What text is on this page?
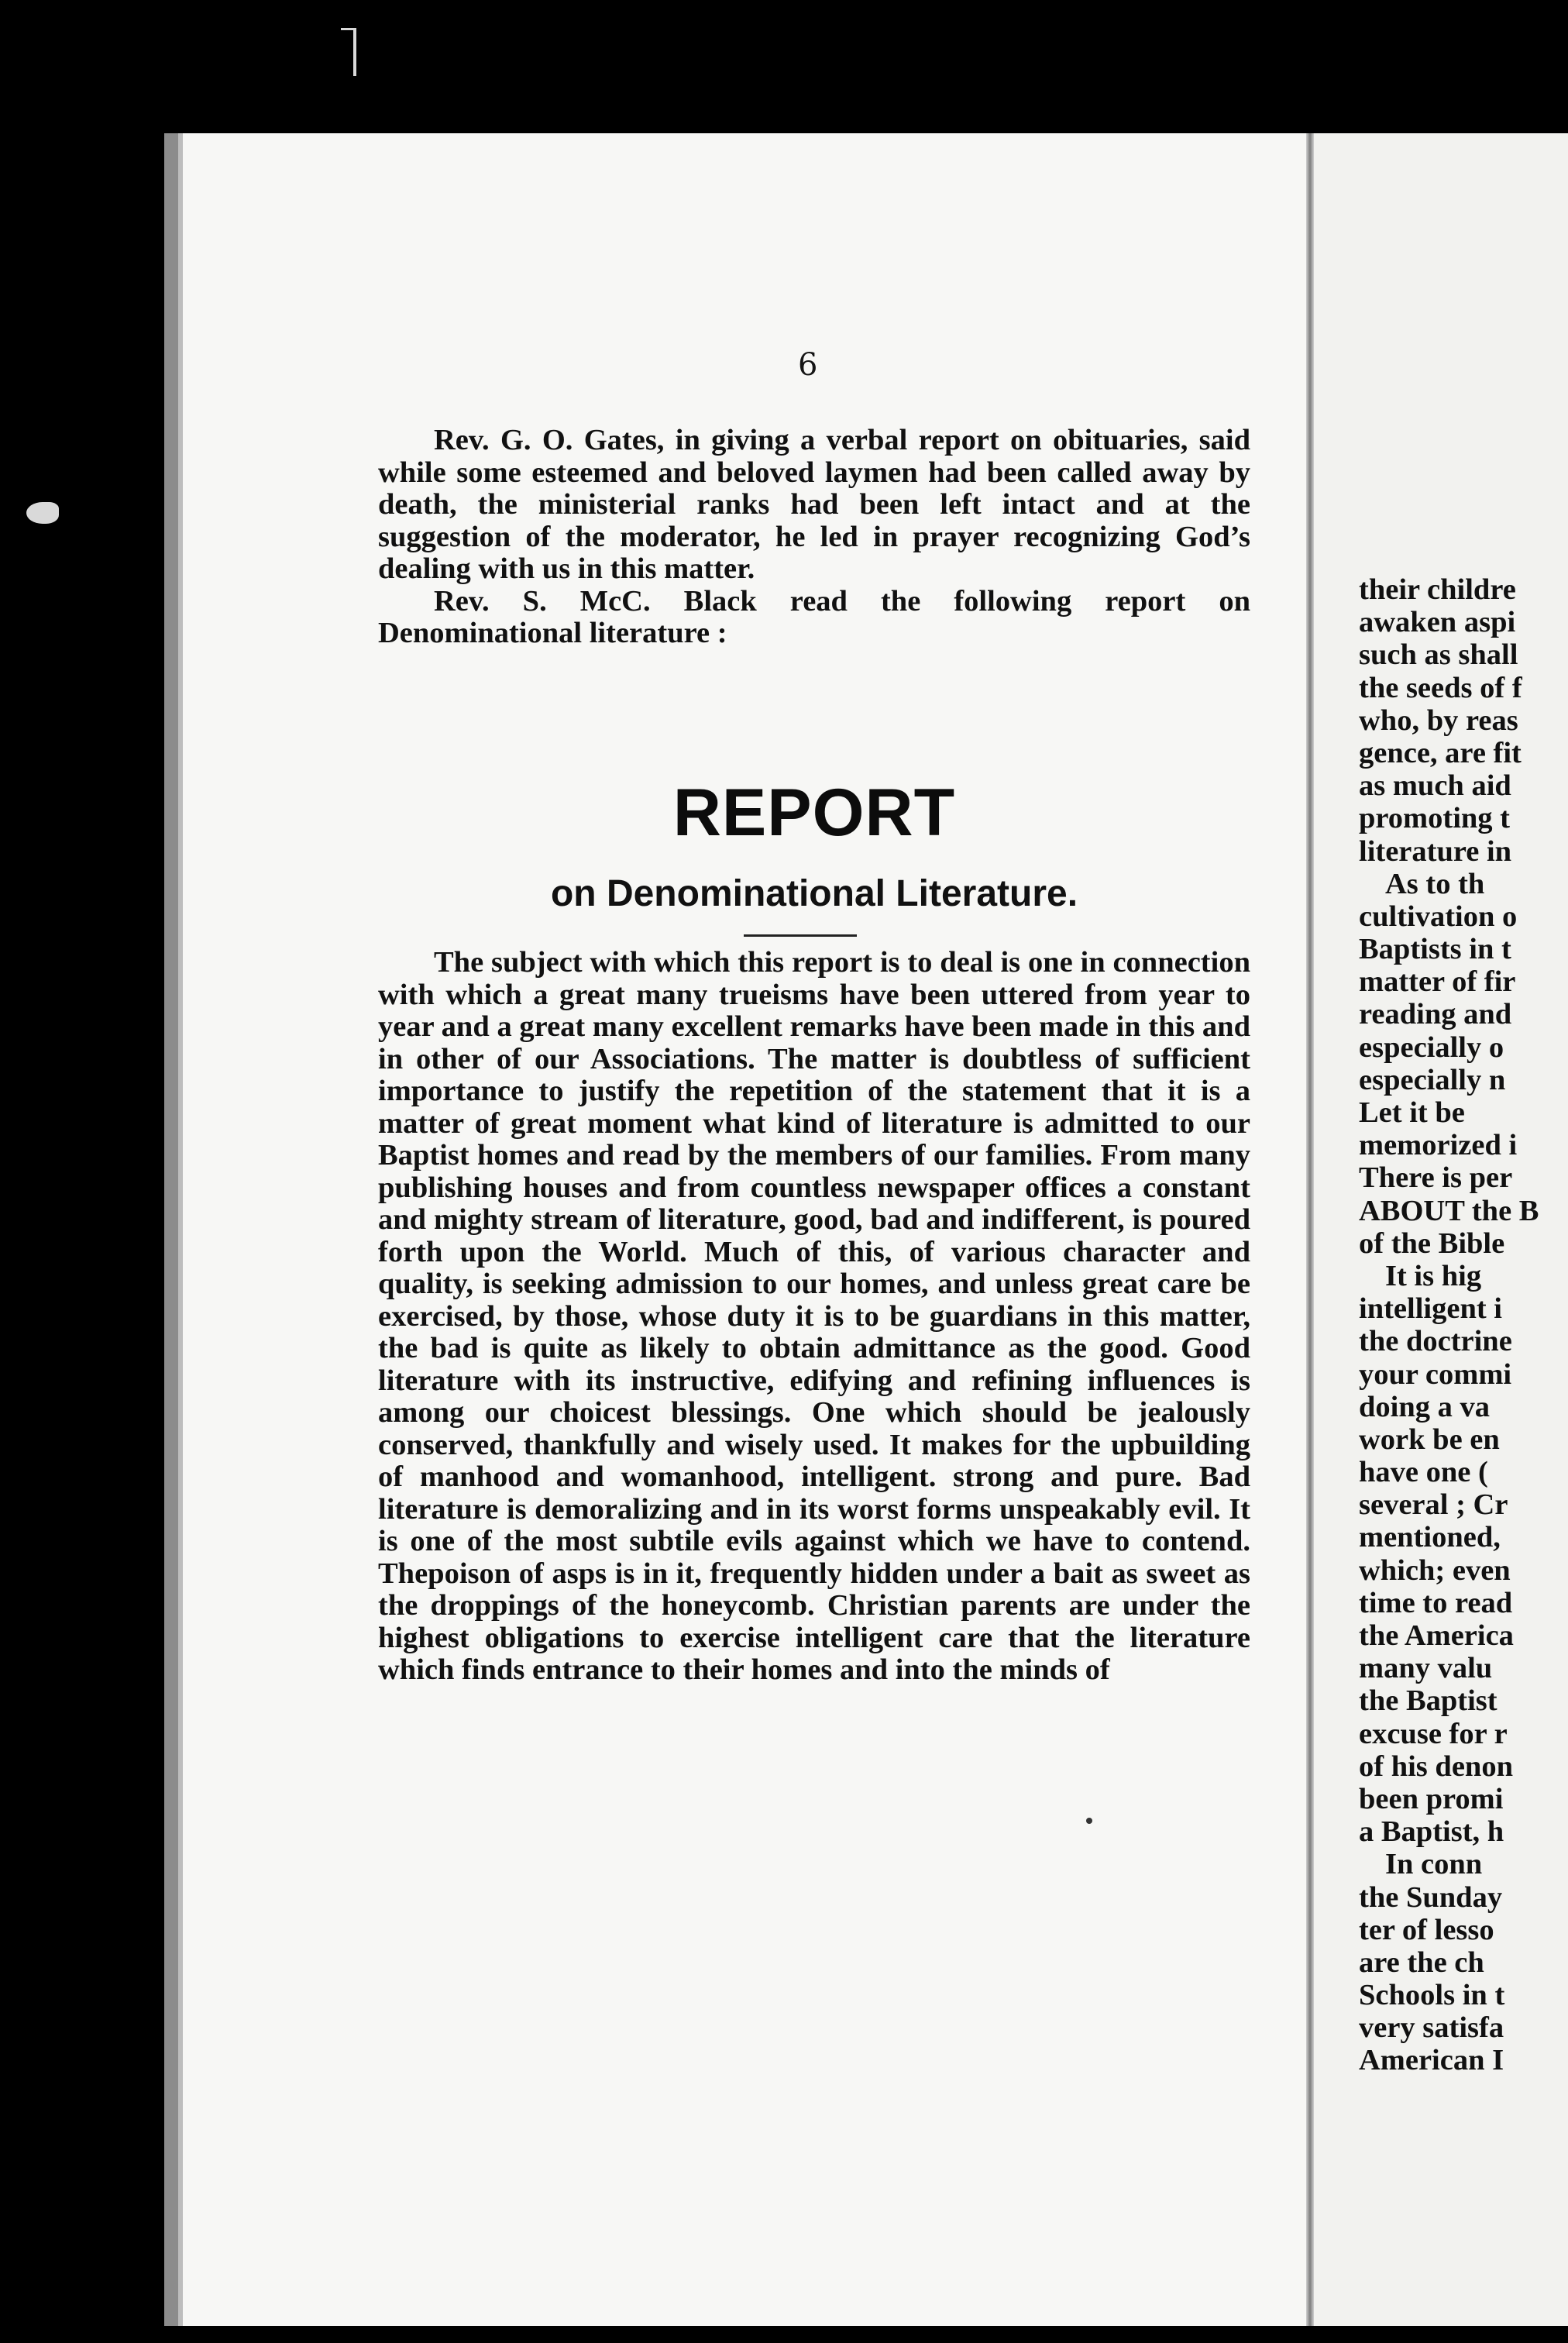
their childre
awaken aspi
such as shall
the seeds of f
who, by reas
gence, are fit
as much aid
promoting t
literature in
As to th
cultivation o
Baptists in t
matter of fir
reading and
especially o
especially n
Let it be
memorized i
There is per
ABOUT the B
of the Bible
It is hig
intelligent i
the doctrine
your commi
doing a va
work be en
have one (
several ; Cr
mentioned,
which; even
time to read
the America
many valu
the Baptist
excuse for r
of his denon
been promi
a Baptist, h
In conn
the Sunday
ter of lesso
are the ch
Schools in t
very satisfa
American I
6

Rev. G. O. Gates, in giving a verbal report on obituaries, said while some esteemed and beloved laymen had been called away by death, the ministerial ranks had been left intact and at the suggestion of the moderator, he led in prayer recognizing God’s dealing with us in this matter.

Rev. S. McC. Black read the following report on Denominational literature :

REPORT
on Denominational Literature.

The subject with which this report is to deal is one in connection with which a great many trueisms have been uttered from year to year and a great many excellent remarks have been made in this and in other of our Associations. The matter is doubtless of sufficient importance to justify the repetition of the statement that it is a matter of great moment what kind of literature is admitted to our Baptist homes and read by the members of our families. From many publishing houses and from countless newspaper offices a constant and mighty stream of literature, good, bad and indifferent, is poured forth upon the World. Much of this, of various character and quality, is seeking admission to our homes, and unless great care be exercised, by those, whose duty it is to be guardians in this matter, the bad is quite as likely to obtain admittance as the good. Good literature with its instructive, edifying and refining influences is among our choicest blessings. One which should be jealously conserved, thankfully and wisely used. It makes for the upbuilding of manhood and womanhood, intelligent. strong and pure. Bad literature is demoralizing and in its worst forms unspeakably evil. It is one of the most subtile evils against which we have to contend. Thepoison of asps is in it, frequently hidden under a bait as sweet as the droppings of the honeycomb. Christian parents are under the highest obligations to exercise intelligent care that the literature which finds entrance to their homes and into the minds of
